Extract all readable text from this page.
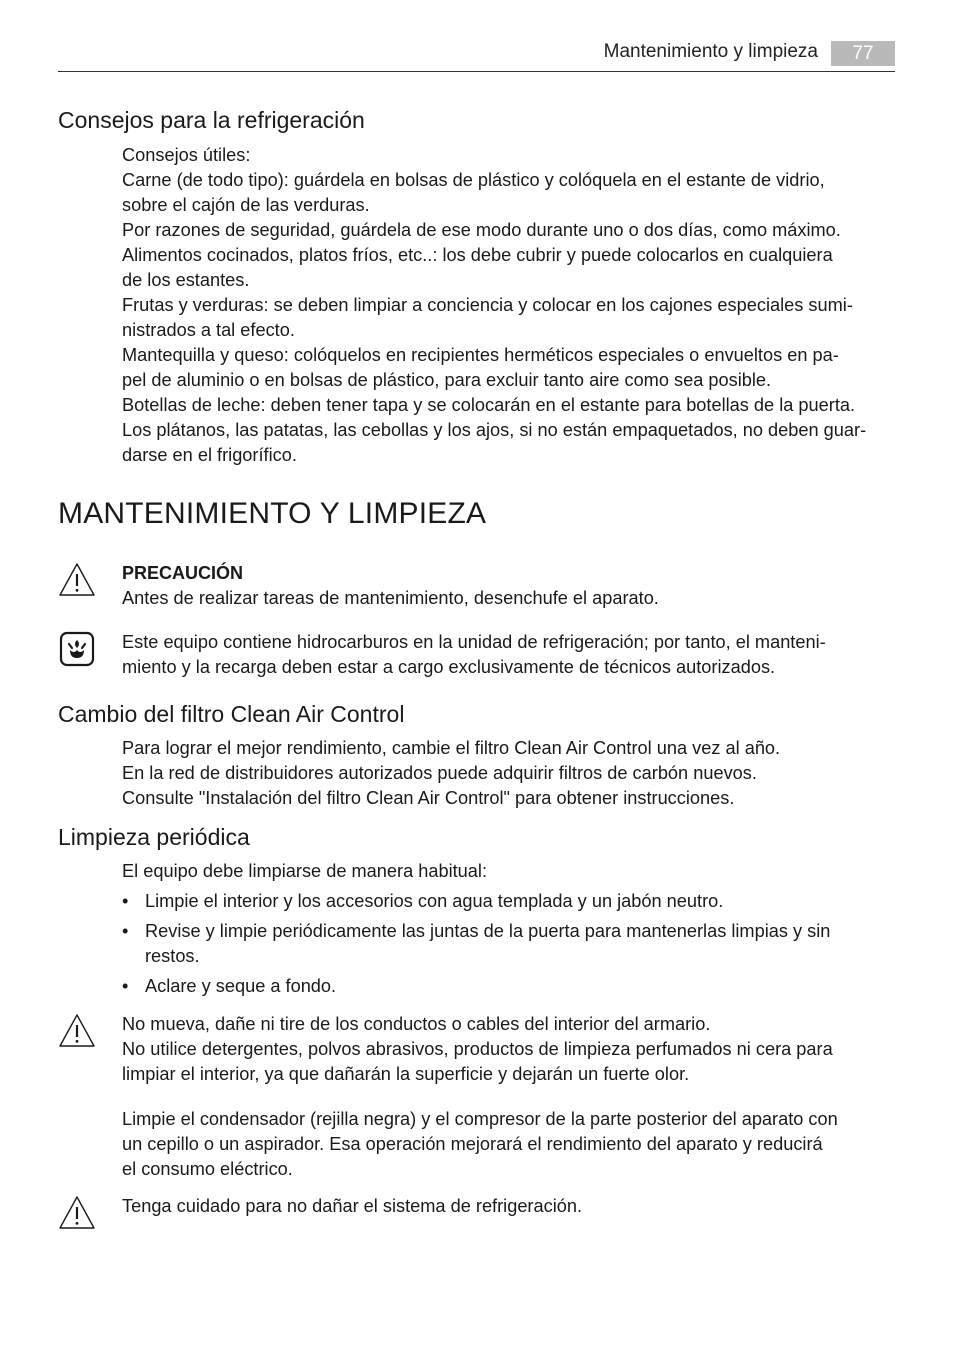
Mantenimiento y limpieza	77
Consejos para la refrigeración
Consejos útiles:
Carne (de todo tipo): guárdela en bolsas de plástico y colóquela en el estante de vidrio,
sobre el cajón de las verduras.
Por razones de seguridad, guárdela de ese modo durante uno o dos días, como máximo.
Alimentos cocinados, platos fríos, etc..: los debe cubrir y puede colocarlos en cualquiera
de los estantes.
Frutas y verduras: se deben limpiar a conciencia y colocar en los cajones especiales sumi-
nistrados a tal efecto.
Mantequilla y queso: colóquelos en recipientes herméticos especiales o envueltos en pa-
pel de aluminio o en bolsas de plástico, para excluir tanto aire como sea posible.
Botellas de leche: deben tener tapa y se colocarán en el estante para botellas de la puerta.
Los plátanos, las patatas, las cebollas y los ajos, si no están empaquetados, no deben guar-
darse en el frigorífico.
MANTENIMIENTO Y LIMPIEZA
PRECAUCIÓN
Antes de realizar tareas de mantenimiento, desenchufe el aparato.
Este equipo contiene hidrocarburos en la unidad de refrigeración; por tanto, el manteni-
miento y la recarga deben estar a cargo exclusivamente de técnicos autorizados.
Cambio del filtro Clean Air Control
Para lograr el mejor rendimiento, cambie el filtro Clean Air Control una vez al año.
En la red de distribuidores autorizados puede adquirir filtros de carbón nuevos.
Consulte "Instalación del filtro Clean Air Control" para obtener instrucciones.
Limpieza periódica
El equipo debe limpiarse de manera habitual:
• Limpie el interior y los accesorios con agua templada y un jabón neutro.
• Revise y limpie periódicamente las juntas de la puerta para mantenerlas limpias y sin
restos.
• Aclare y seque a fondo.
No mueva, dañe ni tire de los conductos o cables del interior del armario.
No utilice detergentes, polvos abrasivos, productos de limpieza perfumados ni cera para
limpiar el interior, ya que dañarán la superficie y dejarán un fuerte olor.
Limpie el condensador (rejilla negra) y el compresor de la parte posterior del aparato con
un cepillo o un aspirador. Esa operación mejorará el rendimiento del aparato y reducirá
el consumo eléctrico.
Tenga cuidado para no dañar el sistema de refrigeración.
